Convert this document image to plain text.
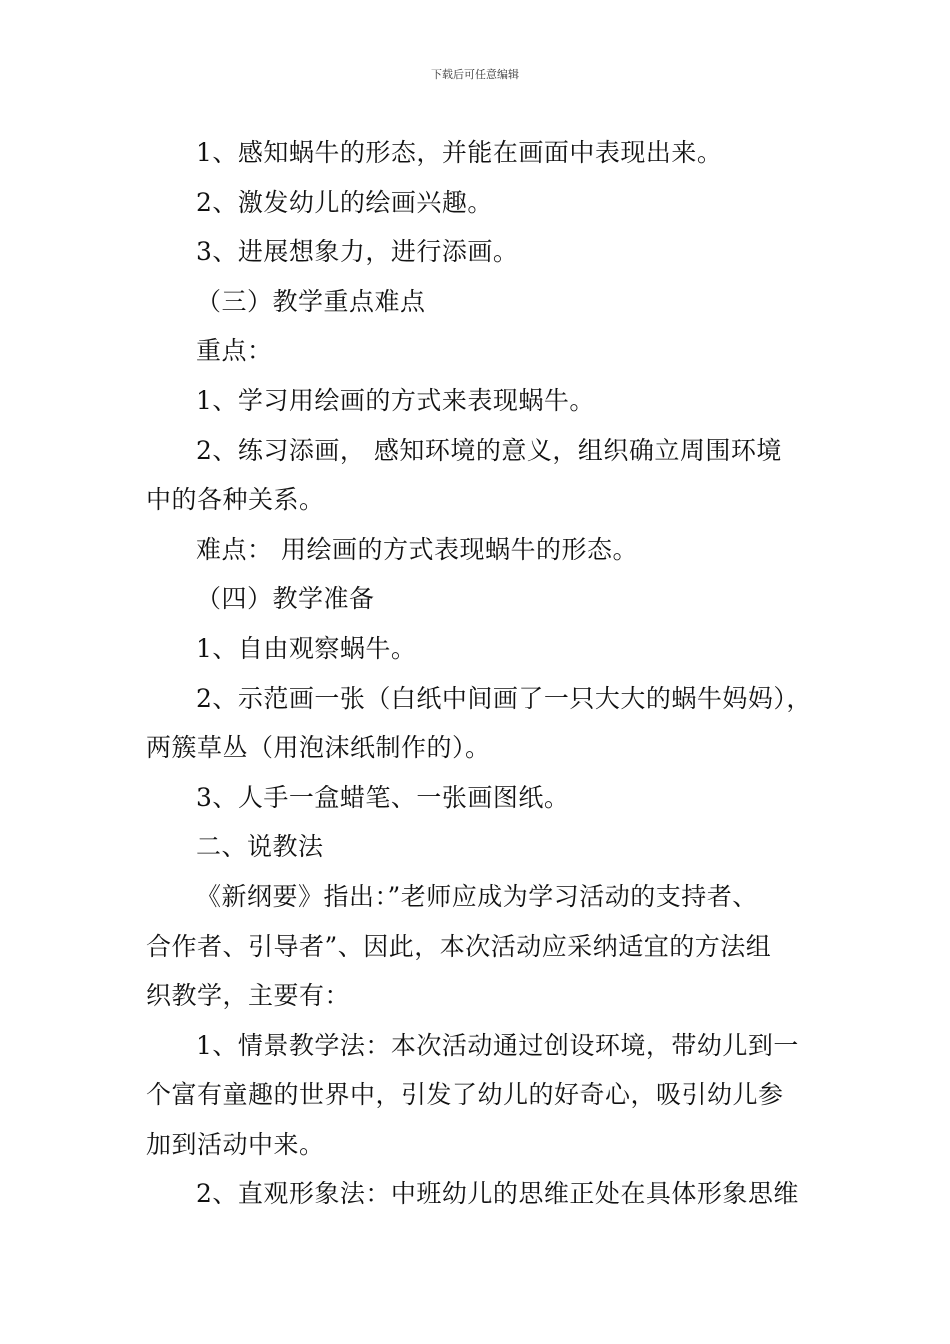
下载后可任意编辑
1、感知蜗牛的形态，并能在画面中表现出来。
2、激发幼儿的绘画兴趣。
3、进展想象力，进行添画。
（三）教学重点难点
重点：
1、学习用绘画的方式来表现蜗牛。
2、练习添画， 感知环境的意义，组织确立周围环境
中的各种关系。
难点： 用绘画的方式表现蜗牛的形态。
（四）教学准备
1、自由观察蜗牛。
2、示范画一张（白纸中间画了一只大大的蜗牛妈妈），
两簇草丛（用泡沫纸制作的）。
3、人手一盒蜡笔、一张画图纸。
二、说教法
《新纲要》指出：”老师应成为学习活动的支持者、
合作者、引导者”、因此，本次活动应采纳适宜的方法组
织教学，主要有：
1、情景教学法：本次活动通过创设环境，带幼儿到一
个富有童趣的世界中，引发了幼儿的好奇心，吸引幼儿参
加到活动中来。
2、直观形象法：中班幼儿的思维正处在具体形象思维
